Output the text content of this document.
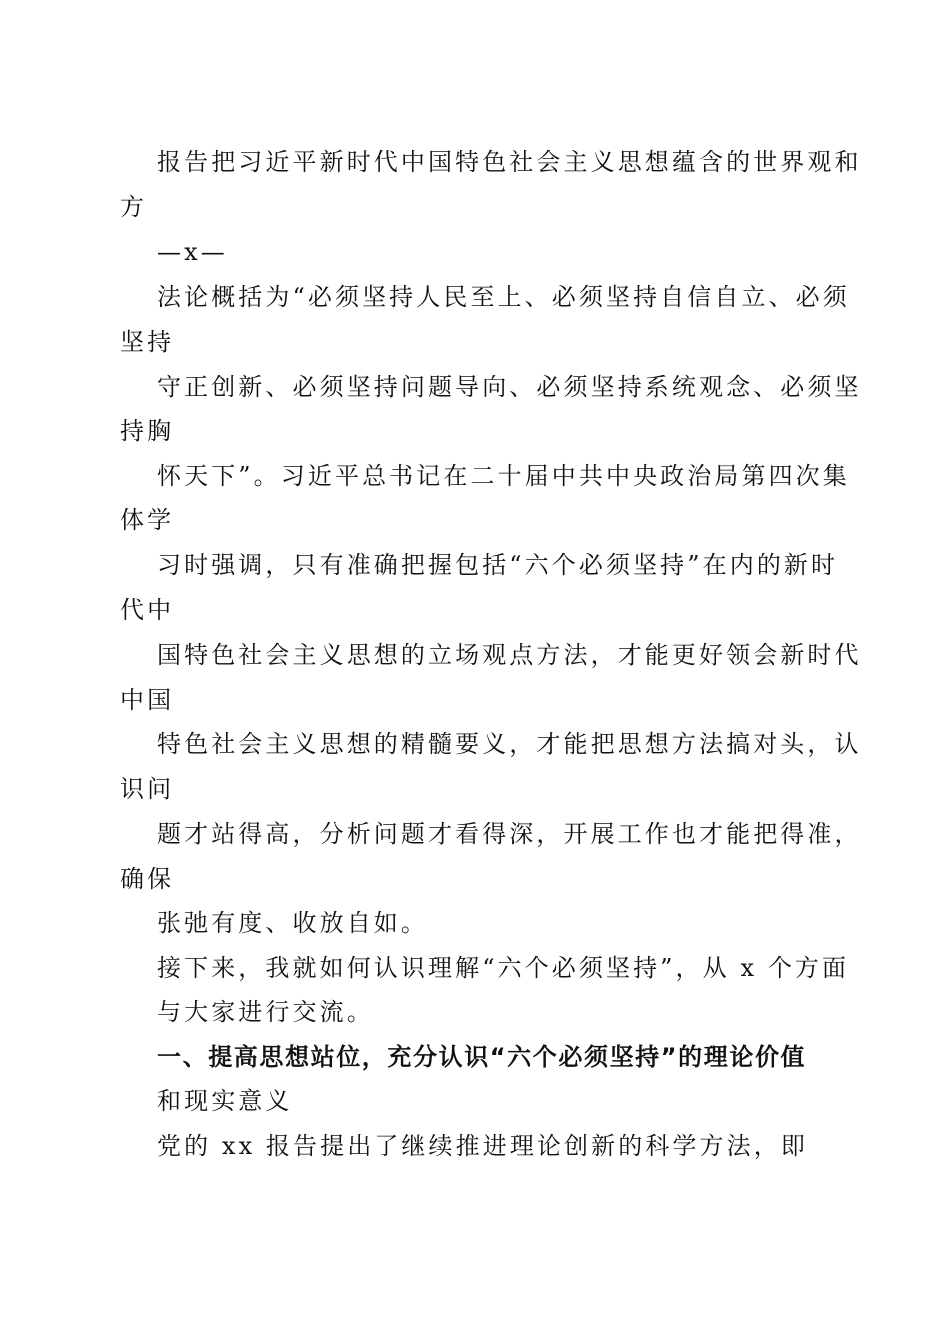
报告把习近平新时代中国特色社会主义思想蕴含的世界观和
方
—x—
法论概括为“必须坚持人民至上、必须坚持自信自立、必须
坚持
守正创新、必须坚持问题导向、必须坚持系统观念、必须坚
持胸
怀天下”。习近平总书记在二十届中共中央政治局第四次集
体学
习时强调，只有准确把握包括“六个必须坚持”在内的新时
代中
国特色社会主义思想的立场观点方法，才能更好领会新时代
中国
特色社会主义思想的精髓要义，才能把思想方法搞对头，认
识问
题才站得高，分析问题才看得深，开展工作也才能把得准，
确保
张弛有度、收放自如。
接下来，我就如何认识理解“六个必须坚持”，从 x 个方面
与大家进行交流。
一、提高思想站位，充分认识“六个必须坚持”的理论价值
和现实意义
党的 xx 报告提出了继续推进理论创新的科学方法，即
